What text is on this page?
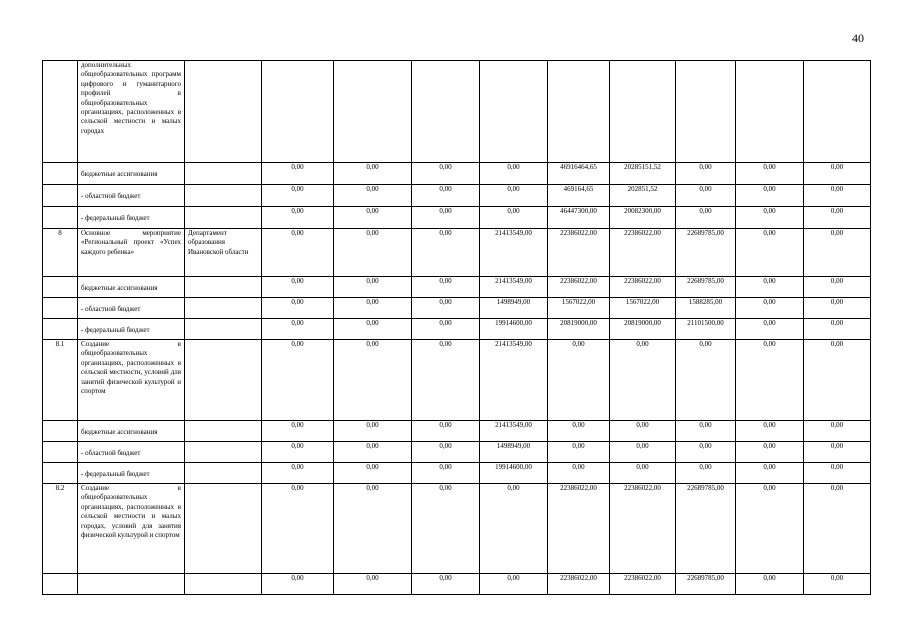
40
	дополнительных общеобразовательных программ цифрового и гуманитарного профилей в общеобразовательных организациях, расположенных в сельской местности и малых городах										
	бюджетные ассигнования		0,00	0,00	0,00	0,00	46916464,65	20285151,52	0,00	0,00	0,00
	- областной бюджет		0,00	0,00	0,00	0,00	469164,65	202851,52	0,00	0,00	0,00
	- федеральный бюджет		0,00	0,00	0,00	0,00	46447300,00	20082300,00	0,00	0,00	0,00
8	Основное мероприятие «Региональный проект «Успех каждого ребенка»	Департамент образования Ивановской области	0,00	0,00	0,00	21413549,00	22386022,00	22386022,00	22689785,00	0,00	0,00
	бюджетные ассигнования		0,00	0,00	0,00	21413549,00	22386022,00	22386022,00	22689785,00	0,00	0,00
	- областной бюджет		0,00	0,00	0,00	1498949,00	1567022,00	1567022,00	1588285,00	0,00	0,00
	- федеральный бюджет		0,00	0,00	0,00	19914600,00	20819000,00	20819000,00	21101500,00	0,00	0,00
8.1	Создание в общеобразовательных организациях, расположенных в сельской местности, условий для занятий физической культурой и спортом		0,00	0,00	0,00	21413549,00	0,00	0,00	0,00	0,00	0,00
	бюджетные ассигнования		0,00	0,00	0,00	21413549,00	0,00	0,00	0,00	0,00	0,00
	- областной бюджет		0,00	0,00	0,00	1498949,00	0,00	0,00	0,00	0,00	0,00
	- федеральный бюджет		0,00	0,00	0,00	19914600,00	0,00	0,00	0,00	0,00	0,00
8.2	Создание в общеобразовательных организациях, расположенных в сельской местности и малых городах, условий для занятия физической культурой и спортом		0,00	0,00	0,00	0,00	22386022,00	22386022,00	22689785,00	0,00	0,00
			0,00	0,00	0,00	0,00	22386022,00	22386022,00	22689785,00	0,00	0,00
